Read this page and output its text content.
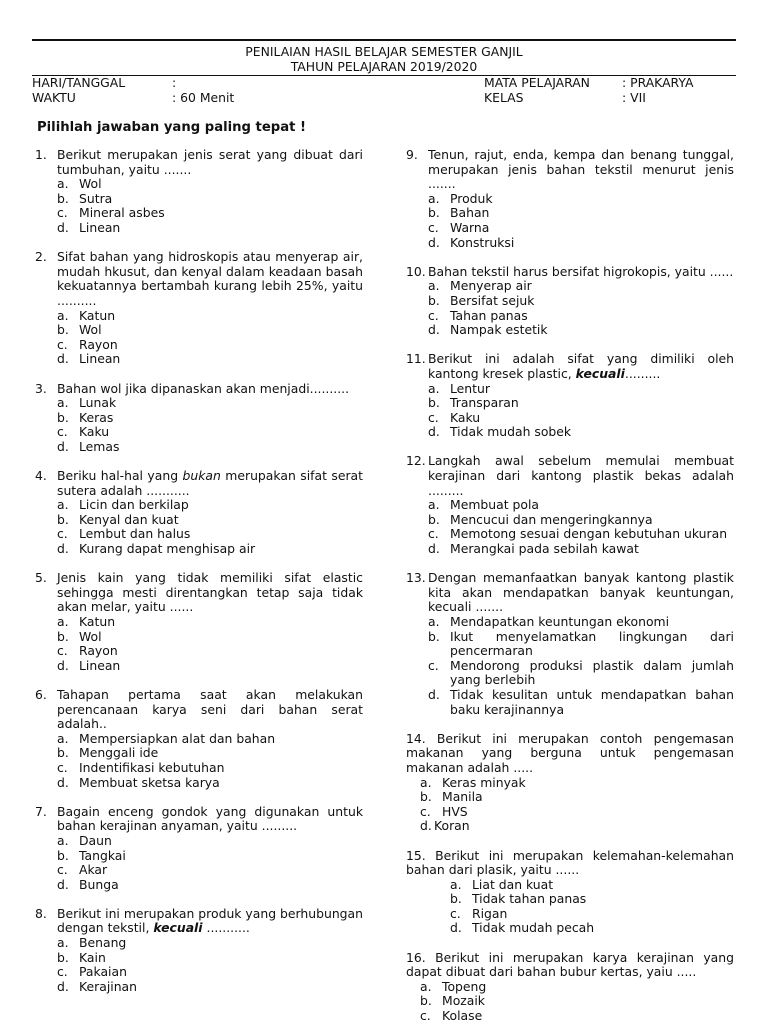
PENILAIAN HASIL BELAJAR SEMESTER GANJIL
TAHUN PELAJARAN 2019/2020
HARI/TANGGAL	:
WAKTU	: 60 Menit
MATA PELAJARAN	: PRAKARYA
KELAS	: VII
Pilihlah jawaban yang paling tepat !
1. Berikut merupakan jenis serat yang dibuat dari tumbuhan, yaitu .......
a. Wol
b. Sutra
c. Mineral asbes
d. Linean
2. Sifat bahan yang hidroskopis atau menyerap air, mudah hkusut, dan kenyal dalam keadaan basah kekuatannya bertambah kurang lebih 25%, yaitu ..........
a. Katun
b. Wol
c. Rayon
d. Linean
3. Bahan wol jika dipanaskan akan menjadi..........
a. Lunak
b. Keras
c. Kaku
d. Lemas
4. Beriku hal-hal yang bukan merupakan sifat serat sutera adalah ...........
a. Licin dan berkilap
b. Kenyal dan kuat
c. Lembut dan halus
d. Kurang dapat menghisap air
5. Jenis kain yang tidak memiliki sifat elastic sehingga mesti direntangkan tetap saja tidak akan melar, yaitu ......
a. Katun
b. Wol
c. Rayon
d. Linean
6. Tahapan pertama saat akan melakukan perencanaan karya seni dari bahan serat adalah..
a. Mempersiapkan alat dan bahan
b. Menggali ide
c. Indentifikasi kebutuhan
d. Membuat sketsa karya
7. Bagain enceng gondok yang digunakan untuk bahan kerajinan anyaman, yaitu .........
a. Daun
b. Tangkai
c. Akar
d. Bunga
8. Berikut ini merupakan produk yang berhubungan dengan tekstil, kecuali ...........
a. Benang
b. Kain
c. Pakaian
d. Kerajinan
9. Tenun, rajut, enda, kempa dan benang tunggal, merupakan jenis bahan tekstil menurut jenis .......
a. Produk
b. Bahan
c. Warna
d. Konstruksi
10. Bahan tekstil harus bersifat higrokopis, yaitu ......
a. Menyerap air
b. Bersifat sejuk
c. Tahan panas
d. Nampak estetik
11. Berikut ini adalah sifat yang dimiliki oleh kantong kresek plastic, kecuali.........
a. Lentur
b. Transparan
c. Kaku
d. Tidak mudah sobek
12. Langkah awal sebelum memulai membuat kerajinan dari kantong plastik bekas adalah .........
a. Membuat pola
b. Mencucui dan mengeringkannya
c. Memotong sesuai dengan kebutuhan ukuran
d. Merangkai pada sebilah kawat
13. Dengan memanfaatkan banyak kantong plastik kita akan mendapatkan banyak keuntungan, kecuali .......
a. Mendapatkan keuntungan ekonomi
b. Ikut menyelamatkan lingkungan dari pencermaran
c. Mendorong produksi plastik dalam jumlah yang berlebih
d. Tidak kesulitan untuk mendapatkan bahan baku kerajinannya
14. Berikut ini merupakan contoh pengemasan makanan yang berguna untuk pengemasan makanan adalah .....
a. Keras minyak
b. Manila
c. HVS
d. Koran
15. Berikut ini merupakan kelemahan-kelemahan bahan dari plasik, yaitu ......
a. Liat dan kuat
b. Tidak tahan panas
c. Rigan
d. Tidak mudah pecah
16. Berikut ini merupakan karya kerajinan yang dapat dibuat dari bahan bubur kertas, yaiu .....
a. Topeng
b. Mozaik
c. Kolase
